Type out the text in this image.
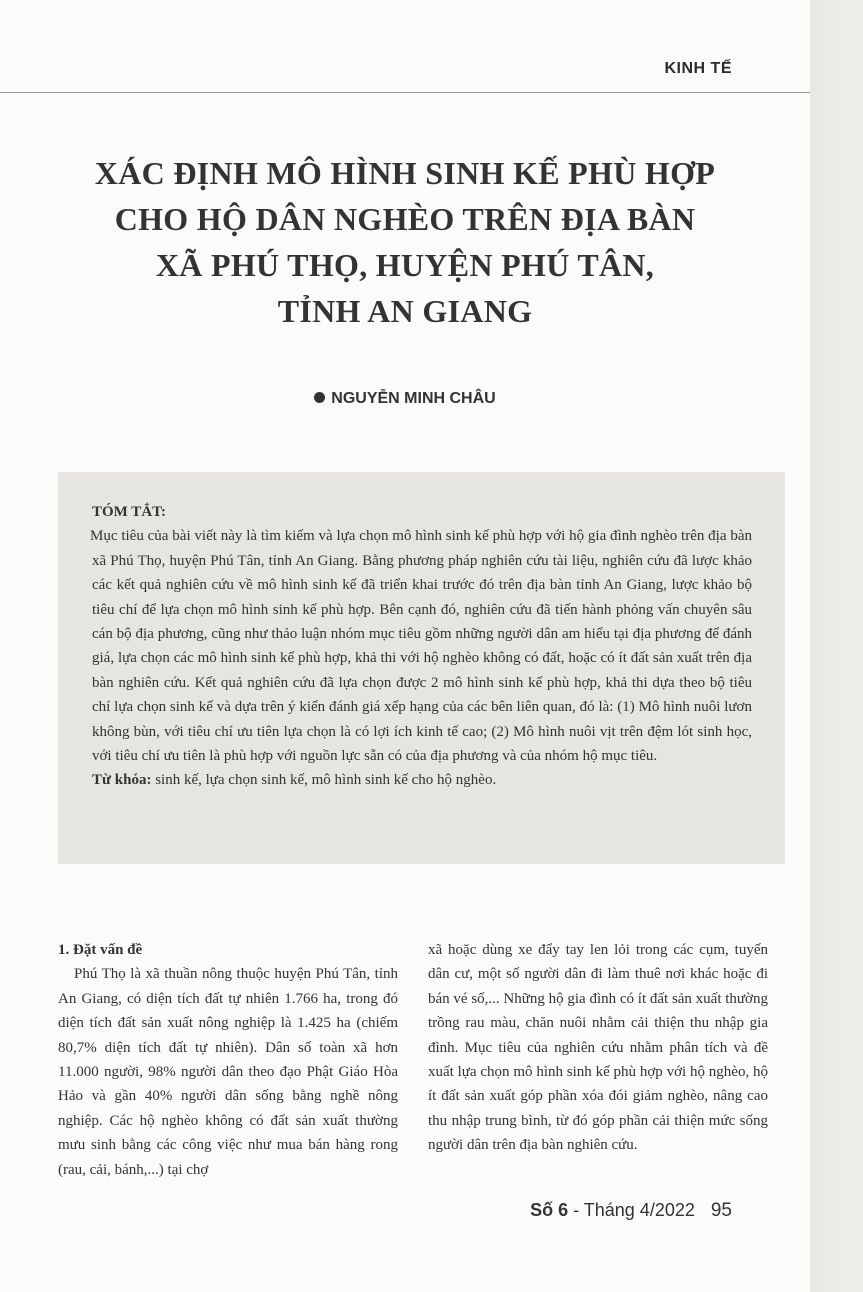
KINH TẾ
XÁC ĐỊNH MÔ HÌNH SINH KẾ PHÙ HỢP
CHO HỘ DÂN NGHÈO TRÊN ĐỊA BÀN
XÃ PHÚ THỌ, HUYỆN PHÚ TÂN,
TỈNH AN GIANG
NGUYỄN MINH CHÂU
TÓM TẮT:
Mục tiêu của bài viết này là tìm kiếm và lựa chọn mô hình sinh kế phù hợp với hộ gia đình nghèo trên địa bàn xã Phú Thọ, huyện Phú Tân, tỉnh An Giang. Bằng phương pháp nghiên cứu tài liệu, nghiên cứu đã lược khảo các kết quả nghiên cứu về mô hình sinh kế đã triển khai trước đó trên địa bàn tỉnh An Giang, lược khảo bộ tiêu chí để lựa chọn mô hình sinh kế phù hợp. Bên cạnh đó, nghiên cứu đã tiến hành phỏng vấn chuyên sâu cán bộ địa phương, cũng như thảo luận nhóm mục tiêu gồm những người dân am hiểu tại địa phương để đánh giá, lựa chọn các mô hình sinh kế phù hợp, khả thi với hộ nghèo không có đất, hoặc có ít đất sản xuất trên địa bàn nghiên cứu. Kết quả nghiên cứu đã lựa chọn được 2 mô hình sinh kế phù hợp, khả thi dựa theo bộ tiêu chí lựa chọn sinh kế và dựa trên ý kiến đánh giá xếp hạng của các bên liên quan, đó là: (1) Mô hình nuôi lươn không bùn, với tiêu chí ưu tiên lựa chọn là có lợi ích kinh tế cao; (2) Mô hình nuôi vịt trên đệm lót sinh học, với tiêu chí ưu tiên là phù hợp với nguồn lực sẵn có của địa phương và của nhóm hộ mục tiêu.
Từ khóa: sinh kế, lựa chọn sinh kế, mô hình sinh kế cho hộ nghèo.
1. Đặt vấn đề

Phú Thọ là xã thuần nông thuộc huyện Phú Tân, tỉnh An Giang, có diện tích đất tự nhiên 1.766 ha, trong đó diện tích đất sản xuất nông nghiệp là 1.425 ha (chiếm 80,7% diện tích đất tự nhiên). Dân số toàn xã hơn 11.000 người, 98% người dân theo đạo Phật Giáo Hòa Hảo và gần 40% người dân sống bằng nghề nông nghiệp. Các hộ nghèo không có đất sản xuất thường mưu sinh bằng các công việc như mua bán hàng rong (rau, cải, bánh,...) tại chợ

xã hoặc dùng xe đẩy tay len lỏi trong các cụm, tuyến dân cư, một số người dân đi làm thuê nơi khác hoặc đi bán vé số,... Những hộ gia đình có ít đất sản xuất thường trồng rau màu, chăn nuôi nhằm cải thiện thu nhập gia đình. Mục tiêu của nghiên cứu nhằm phân tích và đề xuất lựa chọn mô hình sinh kế phù hợp với hộ nghèo, hộ ít đất sản xuất góp phần xóa đói giảm nghèo, nâng cao thu nhập trung bình, từ đó góp phần cải thiện mức sống người dân trên địa bàn nghiên cứu.

Số 6 - Tháng 4/2022 95
